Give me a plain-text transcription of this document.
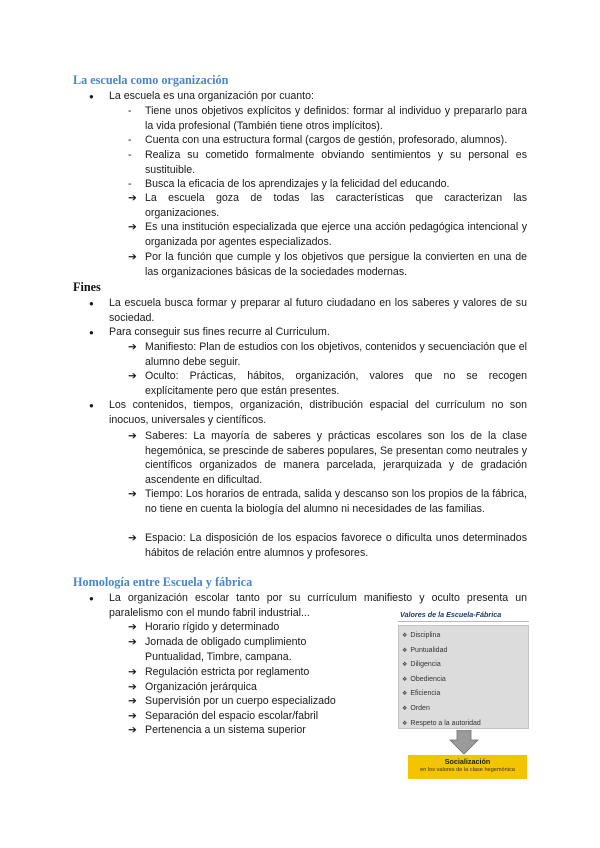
La escuela como organización
● La escuela es una organización por cuanto:
- Tiene unos objetivos explícitos y definidos: formar al individuo y prepararlo para la vida profesional (También tiene otros implícitos).
- Cuenta con una estructura formal (cargos de gestión, profesorado, alumnos).
- Realiza su cometido formalmente obviando sentimientos y su personal es sustituible.
- Busca la eficacia de los aprendizajes y la felicidad del educando.
➔ La escuela goza de todas las características que caracterizan las organizaciones.
➔ Es una institución especializada que ejerce una acción pedagógica intencional y organizada por agentes especializados.
➔ Por la función que cumple y los objetivos que persigue la convierten en una de las organizaciones básicas de la sociedades modernas.
Fines
● La escuela busca formar y preparar al futuro ciudadano en los saberes y valores de su sociedad.
● Para conseguir sus fines recurre al Curriculum.
➔ Manifiesto: Plan de estudios con los objetivos, contenidos y secuenciación que el alumno debe seguir.
➔ Oculto: Prácticas, hábitos, organización, valores que no se recogen explícitamente pero que están presentes.
● Los contenidos, tiempos, organización, distribución espacial del currículum no son inocuos, universales y científicos.
➔ Saberes: La mayoría de saberes y prácticas escolares son los de la clase hegemónica, se prescinde de saberes populares, Se presentan como neutrales y científicos organizados de manera parcelada, jerarquizada y de gradación ascendente en dificultad.
➔ Tiempo: Los horarios de entrada, salida y descanso son los propios de la fábrica, no tiene en cuenta la biología del alumno ni necesidades de las familias.
➔ Espacio: La disposición de los espacios favorece o dificulta unos determinados hábitos de relación entre alumnos y profesores.
Homología entre Escuela y fábrica
● La organización escolar tanto por su currículum manifiesto y oculto presenta un paralelismo con el mundo fabril industrial...
➔ Horario rígido y determinado
➔ Jornada de obligado cumplimiento Puntualidad, Timbre, campana.
➔ Regulación estricta por reglamento
➔ Organización jerárquica
➔ Supervisión por un cuerpo especializado
➔ Separación del espacio escolar/fabril
➔ Pertenencia a un sistema superior
Valores de la Escuela-Fábrica
❖ Disciplina
❖ Puntualidad
❖ Diligencia
❖ Obediencia
❖ Eficiencia
❖ Orden
❖ Respeto a la autoridad
Socialización
en los valores de la clase hegemónica
